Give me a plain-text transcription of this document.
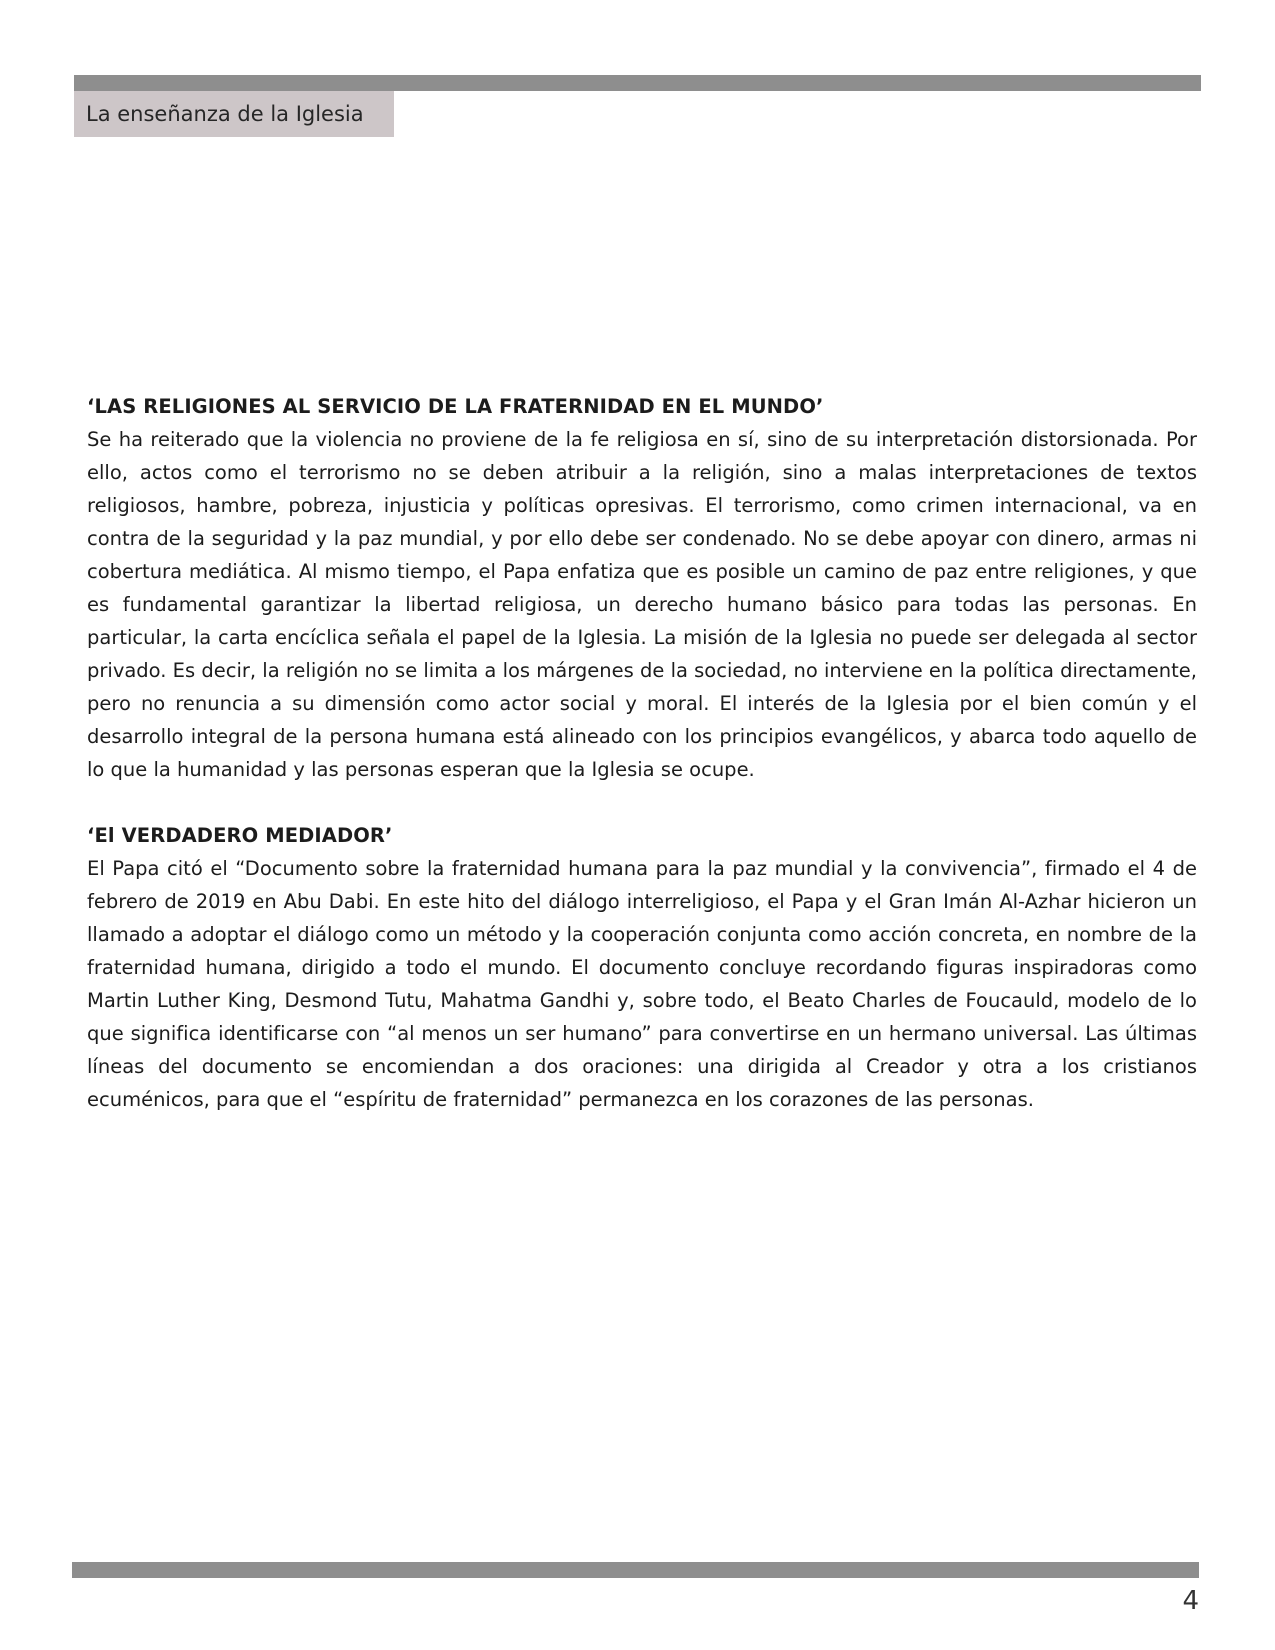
La enseñanza de la Iglesia
‘LAS RELIGIONES AL SERVICIO DE LA FRATERNIDAD EN EL MUNDO’

Se ha reiterado que la violencia no proviene de la fe religiosa en sí, sino de su interpretación distorsionada. Por ello, actos como el terrorismo no se deben atribuir a la religión, sino a malas interpretaciones de textos religiosos, hambre, pobreza, injusticia y políticas opresivas. El terrorismo, como crimen internacional, va en contra de la seguridad y la paz mundial, y por ello debe ser condenado. No se debe apoyar con dinero, armas ni cobertura mediática. Al mismo tiempo, el Papa enfatiza que es posible un camino de paz entre religiones, y que es fundamental garantizar la libertad religiosa, un derecho humano básico para todas las personas. En particular, la carta encíclica señala el papel de la Iglesia. La misión de la Iglesia no puede ser delegada al sector privado. Es decir, la religión no se limita a los márgenes de la sociedad, no interviene en la política directamente, pero no renuncia a su dimensión como actor social y moral. El interés de la Iglesia por el bien común y el desarrollo integral de la persona humana está alineado con los principios evangélicos, y abarca todo aquello de lo que la humanidad y las personas esperan que la Iglesia se ocupe.

‘El VERDADERO MEDIADOR’

El Papa citó el “Documento sobre la fraternidad humana para la paz mundial y la convivencia”, firmado el 4 de febrero de 2019 en Abu Dabi. En este hito del diálogo interreligioso, el Papa y el Gran Imán Al-Azhar hicieron un llamado a adoptar el diálogo como un método y la cooperación conjunta como acción concreta, en nombre de la fraternidad humana, dirigido a todo el mundo. El documento concluye recordando figuras inspiradoras como Martin Luther King, Desmond Tutu, Mahatma Gandhi y, sobre todo, el Beato Charles de Foucauld, modelo de lo que significa identificarse con “al menos un ser humano” para convertirse en un hermano universal. Las últimas líneas del documento se encomiendan a dos oraciones: una dirigida al Creador y otra a los cristianos ecuménicos, para que el “espíritu de fraternidad” permanezca en los corazones de las personas.

4
